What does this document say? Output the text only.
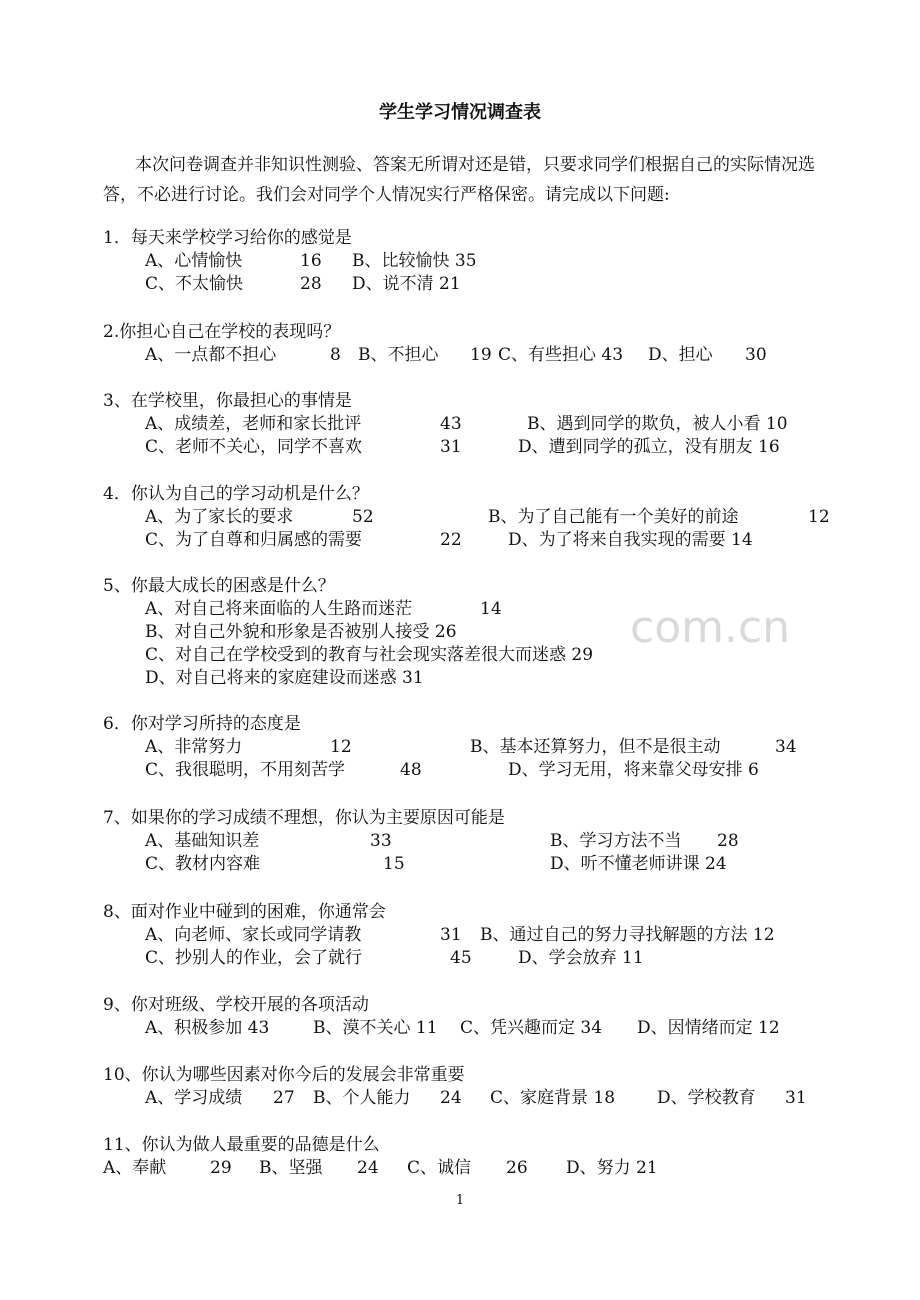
学生学习情况调查表
本次问卷调查并非知识性测验、答案无所谓对还是错，只要求同学们根据自己的实际情况选答，不必进行讨论。我们会对同学个人情况实行严格保密。请完成以下问题:
com.cn
1．每天来学校学习给你的感觉是
A、心情愉快	16 B、比较愉快 35
C、不太愉快	28 D、说不清 21
2.你担心自己在学校的表现吗？
A、一点都不担心	8 B、不担心 19 C、有些担心 43 D、担心 30
3、在学校里，你最担心的事情是
A、成绩差，老师和家长批评	43	B、遇到同学的欺负，被人小看 10
C、老师不关心，同学不喜欢	31	D、遭到同学的孤立，没有朋友 16
4．你认为自己的学习动机是什么？
A、为了家长的要求	52	B、为了自己能有一个美好的前途	12
C、为了自尊和归属感的需要	22	D、为了将来自我实现的需要 14
5、你最大成长的困惑是什么？
A、对自己将来面临的人生路而迷茫	14
B、对自己外貌和形象是否被别人接受 26
C、对自己在学校受到的教育与社会现实落差很大而迷惑 29
D、对自己将来的家庭建设而迷惑 31
6．你对学习所持的态度是
A、非常努力	12	B、基本还算努力，但不是很主动	34
C、我很聪明，不用刻苦学	48	D、学习无用，将来靠父母安排 6
7、如果你的学习成绩不理想，你认为主要原因可能是
A、基础知识差	33	B、学习方法不当 28
C、教材内容难	15	D、听不懂老师讲课 24
8、面对作业中碰到的困难，你通常会
A、向老师、家长或同学请教	31 B、通过自己的努力寻找解题的方法 12
C、抄别人的作业，会了就行	45	D、学会放弃 11
9、你对班级、学校开展的各项活动
A、积极参加 43	B、漠不关心 11 C、凭兴趣而定 34 D、因情绪而定 12
10、你认为哪些因素对你今后的发展会非常重要
A、学习成绩 27 B、个人能力 24 C、家庭背景 18 D、学校教育 31
11、你认为做人最重要的品德是什么
A、奉献	29 B、坚强 24 C、诚信 26 D、努力 21
1
